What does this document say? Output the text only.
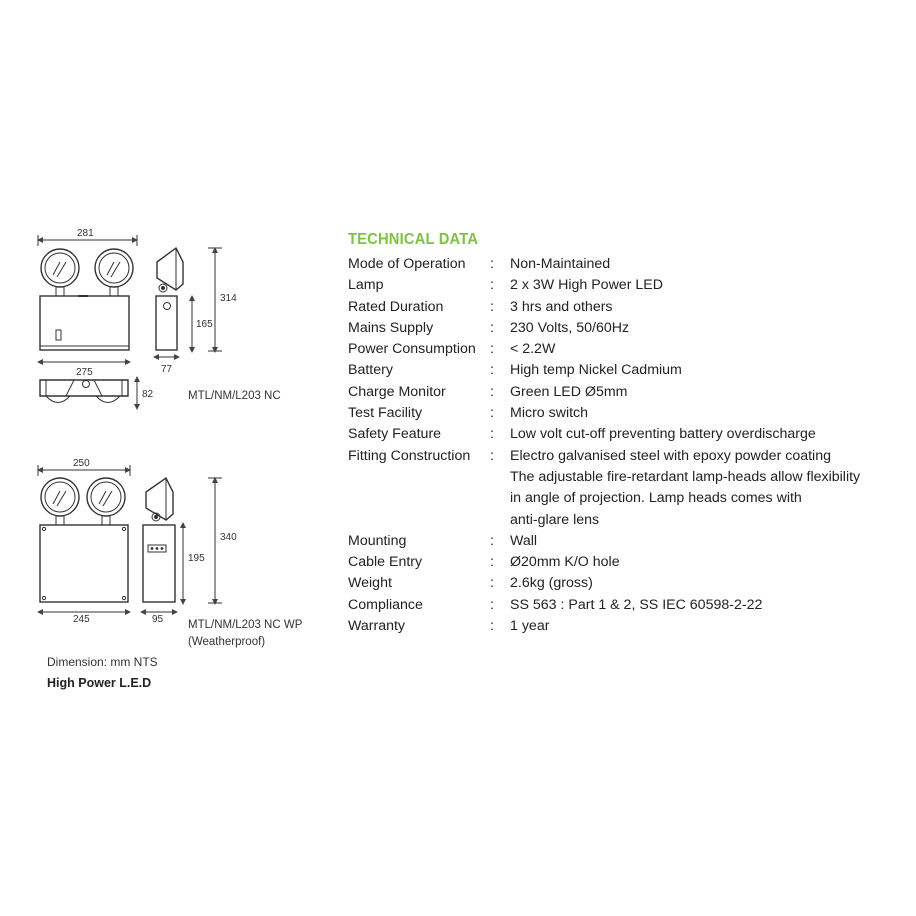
281
275
314
165
77
82
250
245
340
195
95
MTL/NM/L203 NC
MTL/NM/L203 NC WP
(Weatherproof)
Dimension: mm NTS
High Power L.E.D
TECHNICAL DATA
Mode of Operation : Non-Maintained
Lamp	: 2 x 3W High Power LED
Rated Duration	: 3 hrs and others
Mains Supply	: 230 Volts, 50/60Hz
Power Consumption : < 2.2W
Battery	: High temp Nickel Cadmium
Charge Monitor	: Green LED Ø5mm
Test Facility	: Micro switch
Safety Feature	: Low volt cut-off preventing battery overdischarge
Fitting Construction : Electro galvanised steel with epoxy powder coating
The adjustable fire-retardant lamp-heads allow flexibility
in angle of projection. Lamp heads comes with
anti-glare lens
Mounting	: Wall
Cable Entry	: Ø20mm K/O hole
Weight	: 2.6kg (gross)
Compliance	: SS 563 : Part 1 & 2, SS IEC 60598-2-22
Warranty	: 1 year
